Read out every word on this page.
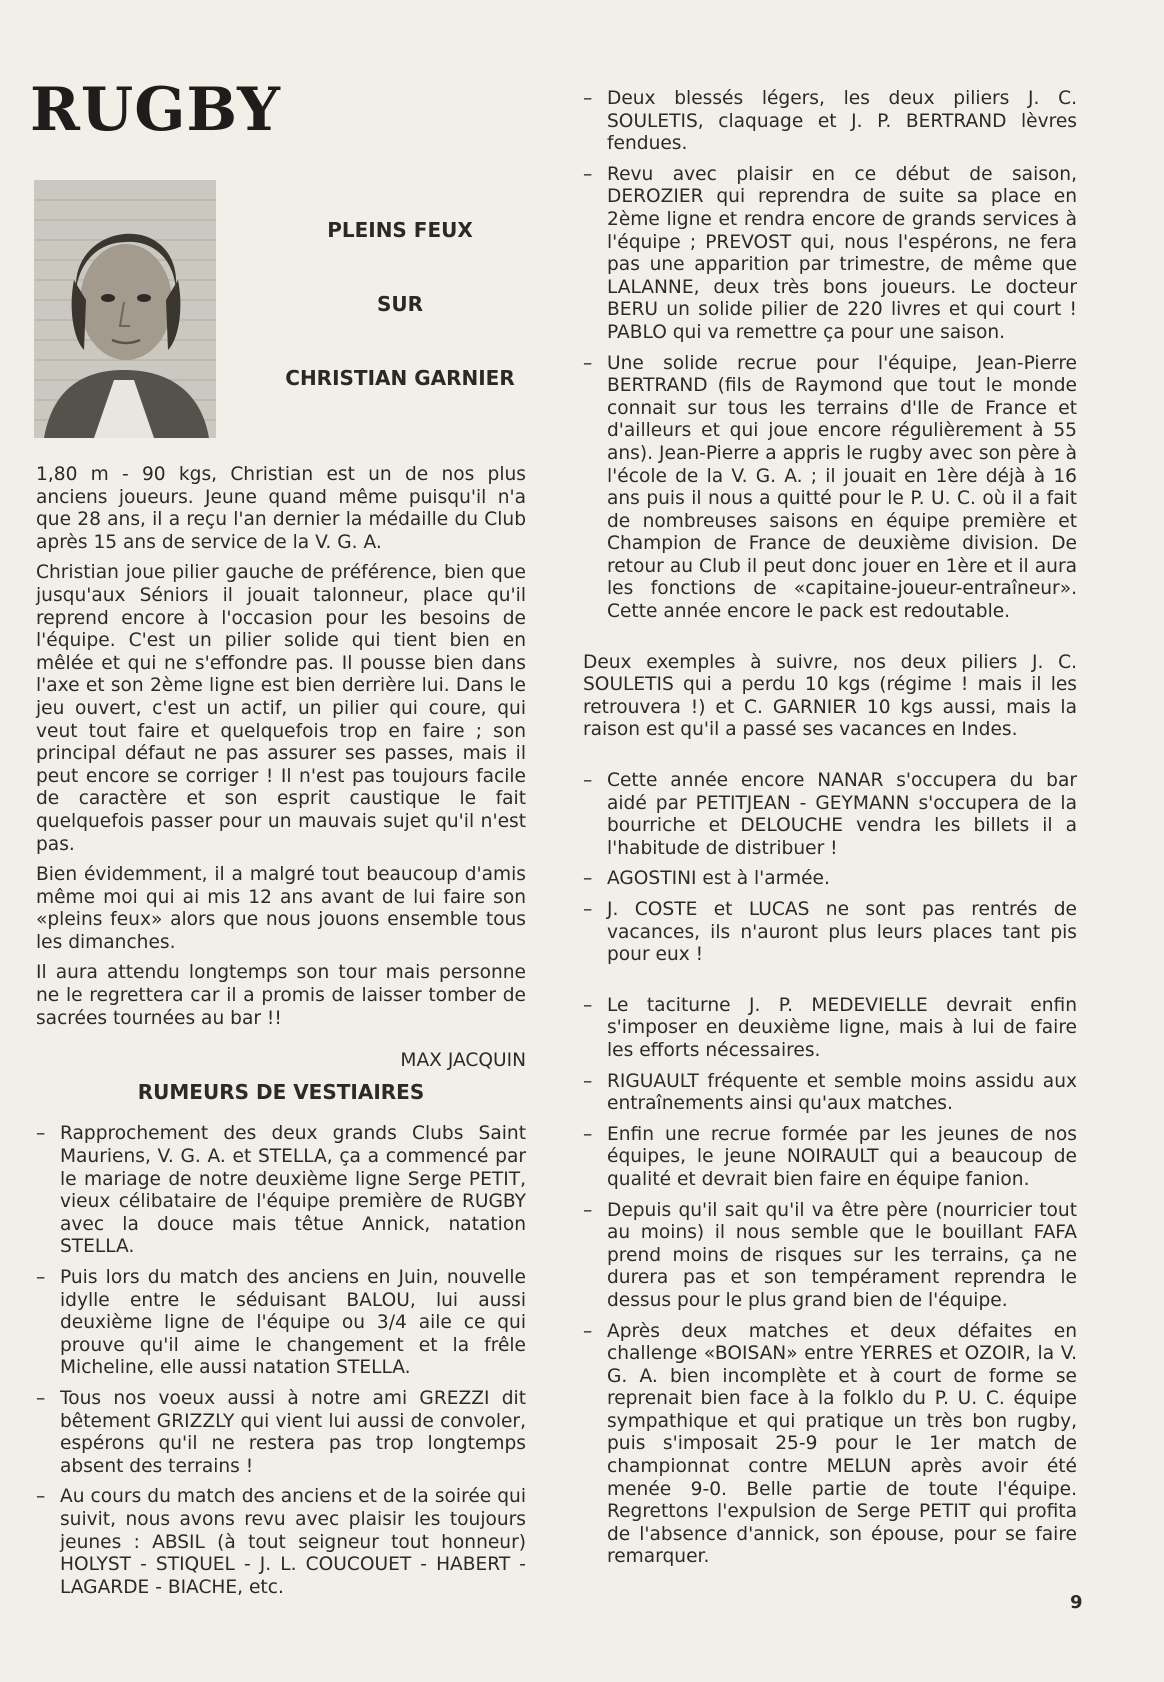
RUGBY
PLEINS FEUX
SUR
CHRISTIAN GARNIER

1,80 m - 90 kgs, Christian est un de nos plus anciens joueurs. Jeune quand même puisqu'il n'a que 28 ans, il a reçu l'an dernier la médaille du Club après 15 ans de service de la V. G. A.

Christian joue pilier gauche de préférence, bien que jusqu'aux Séniors il jouait talonneur, place qu'il reprend encore à l'occasion pour les besoins de l'équipe. C'est un pilier solide qui tient bien en mêlée et qui ne s'effondre pas. Il pousse bien dans l'axe et son 2ème ligne est bien derrière lui. Dans le jeu ouvert, c'est un actif, un pilier qui coure, qui veut tout faire et quelquefois trop en faire ; son principal défaut ne pas assurer ses passes, mais il peut encore se corriger ! Il n'est pas toujours facile de caractère et son esprit caustique le fait quelquefois passer pour un mauvais sujet qu'il n'est pas.

Bien évidemment, il a malgré tout beaucoup d'amis même moi qui ai mis 12 ans avant de lui faire son «pleins feux» alors que nous jouons ensemble tous les dimanches.

Il aura attendu longtemps son tour mais personne ne le regrettera car il a promis de laisser tomber de sacrées tournées au bar !!

MAX JACQUIN
RUMEURS DE VESTIAIRES
– Rapprochement des deux grands Clubs Saint Mauriens, V. G. A. et STELLA, ça a commencé par le mariage de notre deuxième ligne Serge PETIT, vieux célibataire de l'équipe première de RUGBY avec la douce mais têtue Annick, natation STELLA.
– Puis lors du match des anciens en Juin, nouvelle idylle entre le séduisant BALOU, lui aussi deuxième ligne de l'équipe ou 3/4 aile ce qui prouve qu'il aime le changement et la frêle Micheline, elle aussi natation STELLA.
– Tous nos voeux aussi à notre ami GREZZI dit bêtement GRIZZLY qui vient lui aussi de convoler, espérons qu'il ne restera pas trop longtemps absent des terrains !
– Au cours du match des anciens et de la soirée qui suivit, nous avons revu avec plaisir les toujours jeunes : ABSIL (à tout seigneur tout honneur) HOLYST - STIQUEL - J. L. COUCOUET - HABERT - LAGARDE - BIACHE, etc.
– Deux blessés légers, les deux piliers J. C. SOULETIS, claquage et J. P. BERTRAND lèvres fendues.
– Revu avec plaisir en ce début de saison, DEROZIER qui reprendra de suite sa place en 2ème ligne et rendra encore de grands services à l'équipe ; PREVOST qui, nous l'espérons, ne fera pas une apparition par trimestre, de même que LALANNE, deux très bons joueurs. Le docteur BERU un solide pilier de 220 livres et qui court ! PABLO qui va remettre ça pour une saison.
– Une solide recrue pour l'équipe, Jean-Pierre BERTRAND (fils de Raymond que tout le monde connait sur tous les terrains d'Ile de France et d'ailleurs et qui joue encore régulièrement à 55 ans). Jean-Pierre a appris le rugby avec son père à l'école de la V. G. A. ; il jouait en 1ère déjà à 16 ans puis il nous a quitté pour le P. U. C. où il a fait de nombreuses saisons en équipe première et Champion de France de deuxième division. De retour au Club il peut donc jouer en 1ère et il aura les fonctions de «capitaine-joueur-entraîneur». Cette année encore le pack est redoutable.

Deux exemples à suivre, nos deux piliers J. C. SOULETIS qui a perdu 10 kgs (régime ! mais il les retrouvera !) et C. GARNIER 10 kgs aussi, mais la raison est qu'il a passé ses vacances en Indes.

– Cette année encore NANAR s'occupera du bar aidé par PETITJEAN - GEYMANN s'occupera de la bourriche et DELOUCHE vendra les billets il a l'habitude de distribuer !
– AGOSTINI est à l'armée.
– J. COSTE et LUCAS ne sont pas rentrés de vacances, ils n'auront plus leurs places tant pis pour eux !
– Le taciturne J. P. MEDEVIELLE devrait enfin s'imposer en deuxième ligne, mais à lui de faire les efforts nécessaires.
– RIGUAULT fréquente et semble moins assidu aux entraînements ainsi qu'aux matches.
– Enfin une recrue formée par les jeunes de nos équipes, le jeune NOIRAULT qui a beaucoup de qualité et devrait bien faire en équipe fanion.
– Depuis qu'il sait qu'il va être père (nourricier tout au moins) il nous semble que le bouillant FAFA prend moins de risques sur les terrains, ça ne durera pas et son tempérament reprendra le dessus pour le plus grand bien de l'équipe.
– Après deux matches et deux défaites en challenge «BOISAN» entre YERRES et OZOIR, la V. G. A. bien incomplète et à court de forme se reprenait bien face à la folklo du P. U. C. équipe sympathique et qui pratique un très bon rugby, puis s'imposait 25-9 pour le 1er match de championnat contre MELUN après avoir été menée 9-0. Belle partie de toute l'équipe. Regrettons l'expulsion de Serge PETIT qui profita de l'absence d'annick, son épouse, pour se faire remarquer.
9
